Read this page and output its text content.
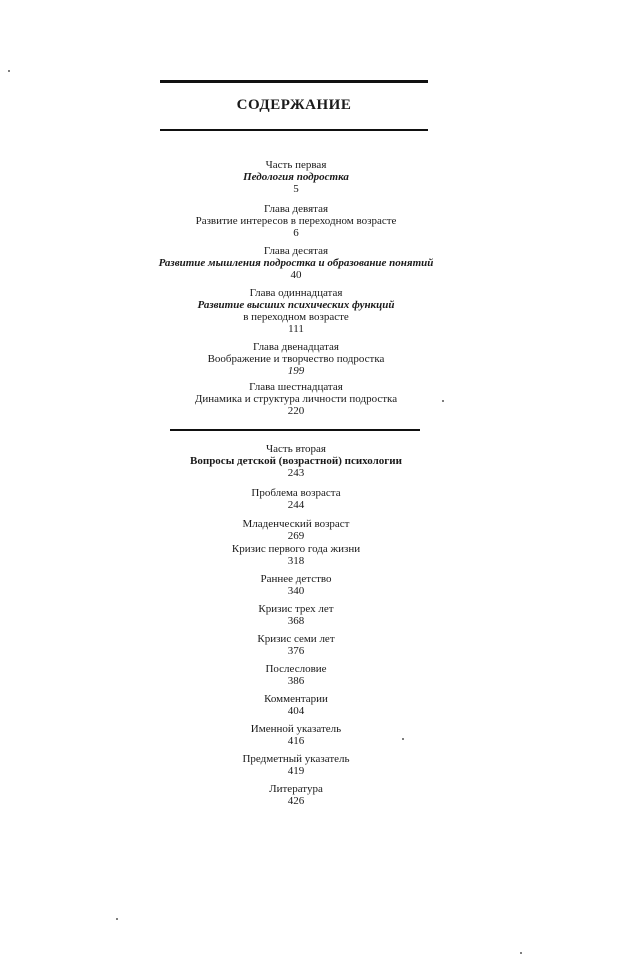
СОДЕРЖАНИЕ
Часть первая
Педология подростка
5
Глава девятая
Развитие интересов в переходном возрасте
6
Глава десятая
Развитие мышления подростка и образование понятий
40
Глава одиннадцатая
Развитие высших психических функций
в переходном возрасте
111
Глава двенадцатая
Воображение и творчество подростка
199
Глава шестнадцатая
Динамика и структура личности подростка
220
Часть вторая
Вопросы детской (возрастной) психологии
243
Проблема возраста
244
Младенческий возраст
269
Кризис первого года жизни
318
Раннее детство
340
Кризис трех лет
368
Кризис семи лет
376
Послесловие
386
Комментарии
404
Именной указатель
416
Предметный указатель
419
Литература
426
